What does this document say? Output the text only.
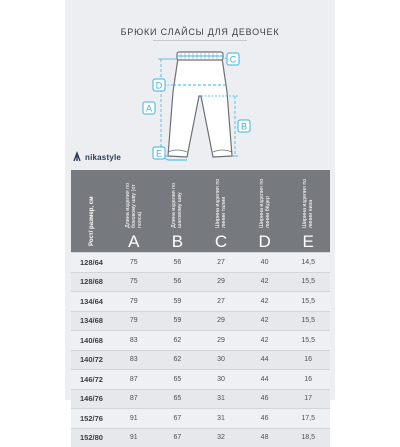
БРЮКИ СЛАЙСЫ ДЛЯ ДЕВОЧЕК
C
D
A
B
E
nikastyle
Рост/ размер, см	Длина изделия по боковому шву (от пояса)	Длина изделия по шаговому шву	Ширина изделия по линии талии	Ширина изделия по линии бёдер	Ширина изделия по линии низа

	A	B	C	D	E
128/64	75	56	27	40	14,5
128/68	75	56	29	42	15,5
134/64	79	59	27	42	15,5
134/68	79	59	29	42	15,5
140/68	83	62	29	42	15,5
140/72	83	62	30	44	16
146/72	87	65	30	44	16
146/76	87	65	31	46	17
152/76	91	67	31	46	17,5
152/80	91	67	32	48	18,5
